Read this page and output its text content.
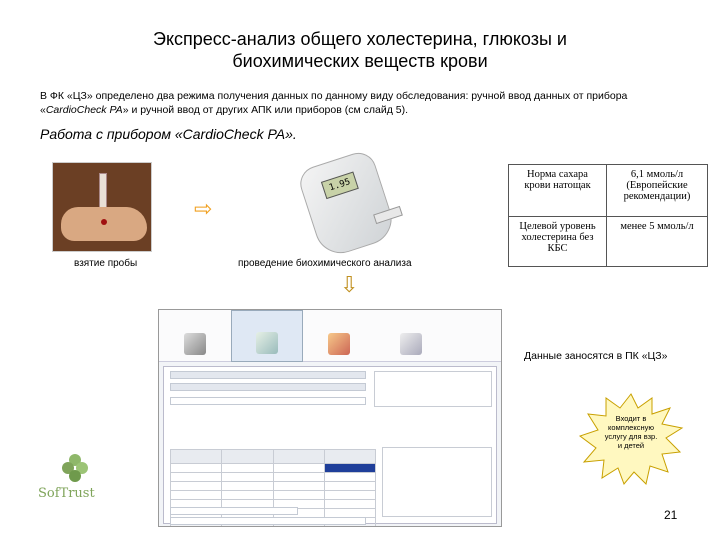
Экспресс-анализ общего холестерина, глюкозы и
биохимических веществ крови
В ФК «ЦЗ» определено два режима получения данных по данному виду обследования: ручной ввод данных от прибора «CardioCheck PA» и ручной ввод от других АПК или приборов (см слайд 5).
Работа с прибором «CardioCheck PA».
взятие пробы
⇨
1.95
проведение биохимического анализа
Норма сахара крови натощак	6,1 ммоль/л (Европейские рекомендации)
Целевой уровень холестерина без КБС	менее 5 ммоль/л
⇩

Данные заносятся в ПК «ЦЗ»
Входит в
комплексную
услугу для взр.
и детей
SofTrust
21
